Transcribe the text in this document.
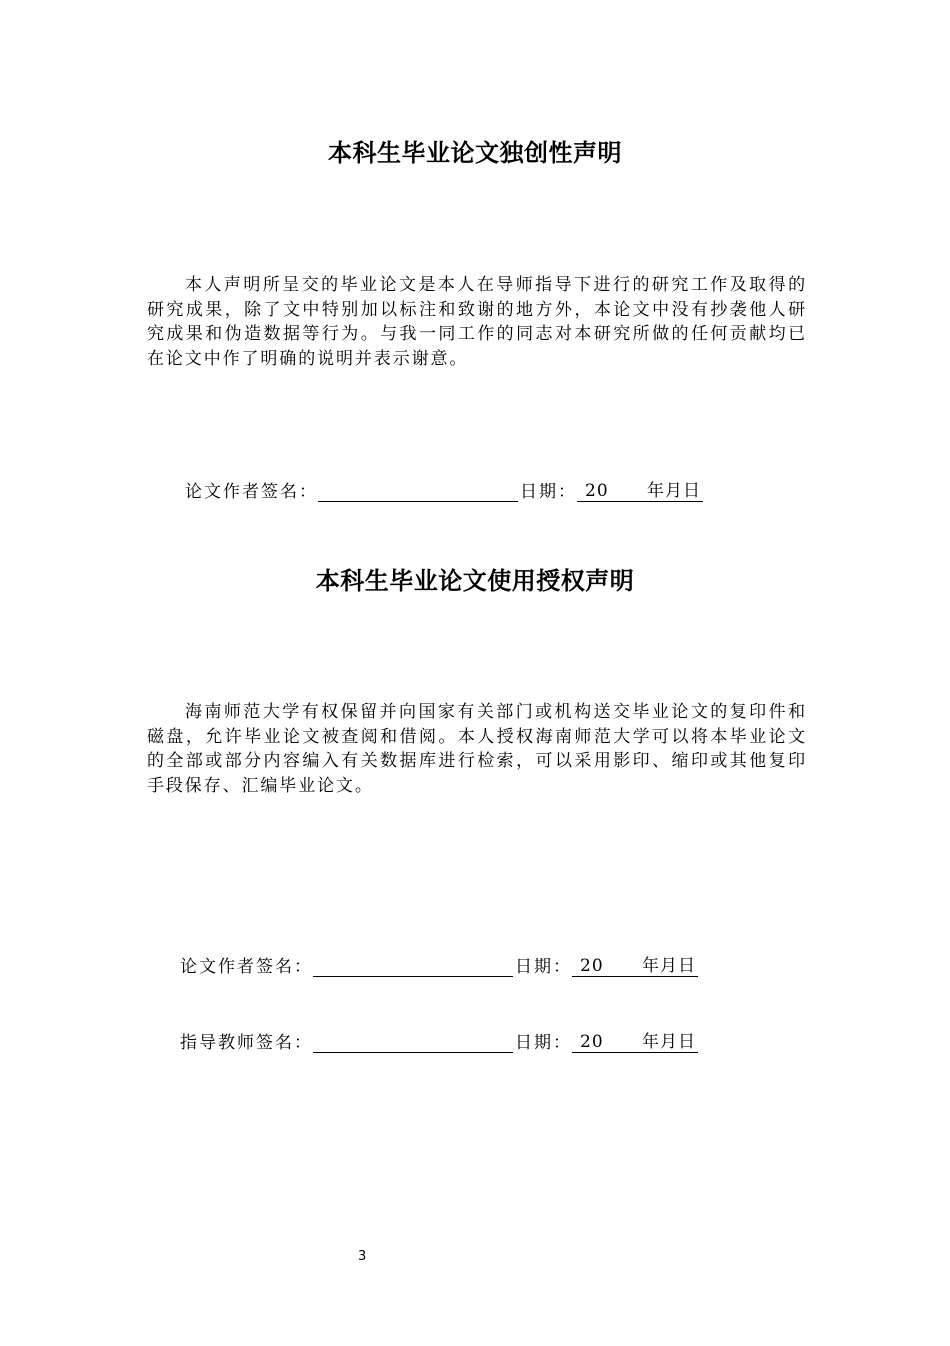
本科生毕业论文独创性声明
本人声明所呈交的毕业论文是本人在导师指导下进行的研究工作及取得的研究成果，除了文中特别加以标注和致谢的地方外，本论文中没有抄袭他人研究成果和伪造数据等行为。与我一同工作的同志对本研究所做的任何贡献均已在论文中作了明确的说明并表示谢意。
论文作者签名：	日期： 20 年月日
本科生毕业论文使用授权声明
海南师范大学有权保留并向国家有关部门或机构送交毕业论文的复印件和磁盘，允许毕业论文被查阅和借阅。本人授权海南师范大学可以将本毕业论文的全部或部分内容编入有关数据库进行检索，可以采用影印、缩印或其他复印手段保存、汇编毕业论文。
论文作者签名：	日期： 20 年月日
指导教师签名：	日期： 20 年月日
3
